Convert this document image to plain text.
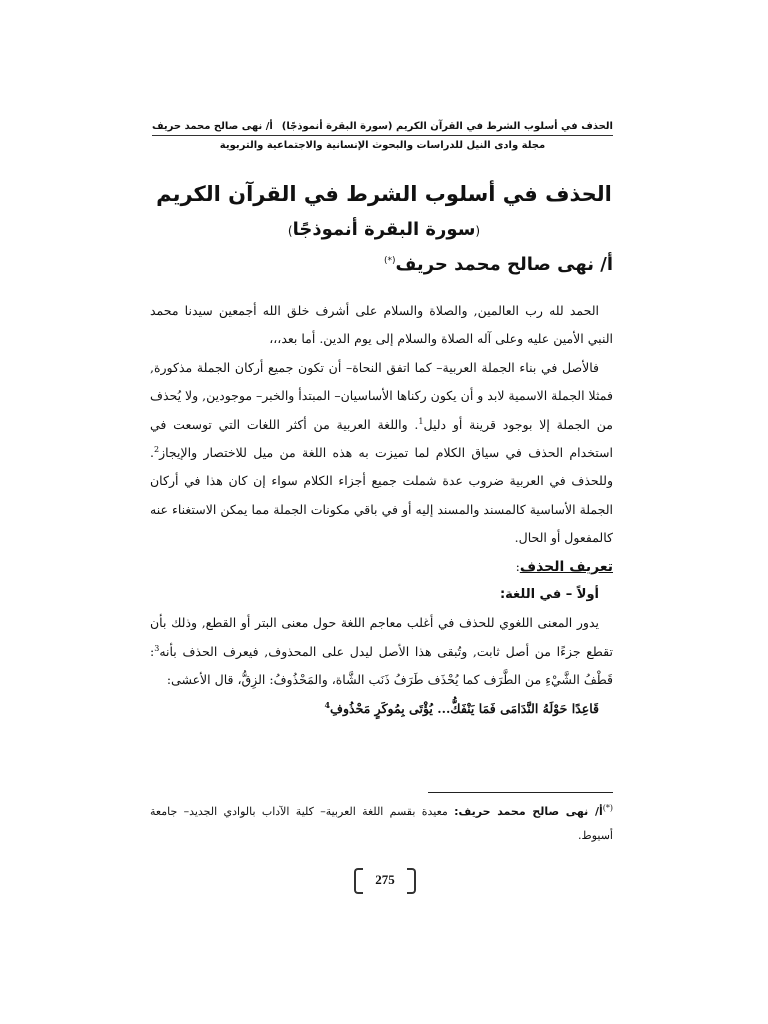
الحذف في أسلوب الشرط في القرآن الكريم (سورة البقرة أنموذجًا)
أ/ نهى صالح محمد حريف
مجلة وادى النيل للدراسات والبحوث الإنسانية والاجتماعية والتربوية
الحذف في أسلوب الشرط في القرآن الكريم
(سورة البقرة أنموذجًا)
أ/ نهى صالح محمد حريف(*)

الحمد لله رب العالمين, والصلاة والسلام على أشرف خلق الله أجمعين سيدنا محمد النبي الأمين عليه وعلى آله الصلاة والسلام إلى يوم الدين. أما بعد،،،

فالأصل في بناء الجملة العربية– كما اتفق النحاة– أن تكون جميع أركان الجملة مذكورة, فمثلا الجملة الاسمية لابد و أن يكون ركناها الأساسيان– المبتدأ والخبر– موجودين, ولا يُحذف من الجملة إلا بوجود قرينة أو دليل$^1$. واللغة العربية من أكثر اللغات التي توسعت في استخدام الحذف في سياق الكلام لما تميزت به هذه اللغة من ميل للاختصار والإيجاز$^2$. وللحذف في العربية ضروب عدة شملت جميع أجزاء الكلام سواء إن كان هذا في أركان الجملة الأساسية كالمسند والمسند إليه أو في باقي مكونات الجملة مما يمكن الاستغناء عنه كالمفعول أو الحال.

تعريف الحذف:

أولاً – في اللغة:

يدور المعنى اللغوي للحذف في أغلب معاجم اللغة حول معنى البتر أو القطع, وذلك بأن تقطع جزءًا من أصل ثابت, وتُبقى هذا الأصل ليدل على المحذوف, فيعرف الحذف بأنه$^3$: قَطْفُ الشَّيْءِ من الطَّرَف كما يُحْذَف طَرَفُ ذَنَب الشَّاة، والمَحْذُوفُ: الزِقُّ، قال الأعشى:

قَاعِدًا حَوْلَهُ النَّدَامَى فَمَا يَنْفَكُّ... يُؤْتَى بِمُوكَرٍ مَحْذُوفِ$^4$

(*)أ/ نهى صالح محمد حريف: معيدة بقسم اللغة العربية– كلية الآداب بالوادي الجديد– جامعة أسيوط.
275
